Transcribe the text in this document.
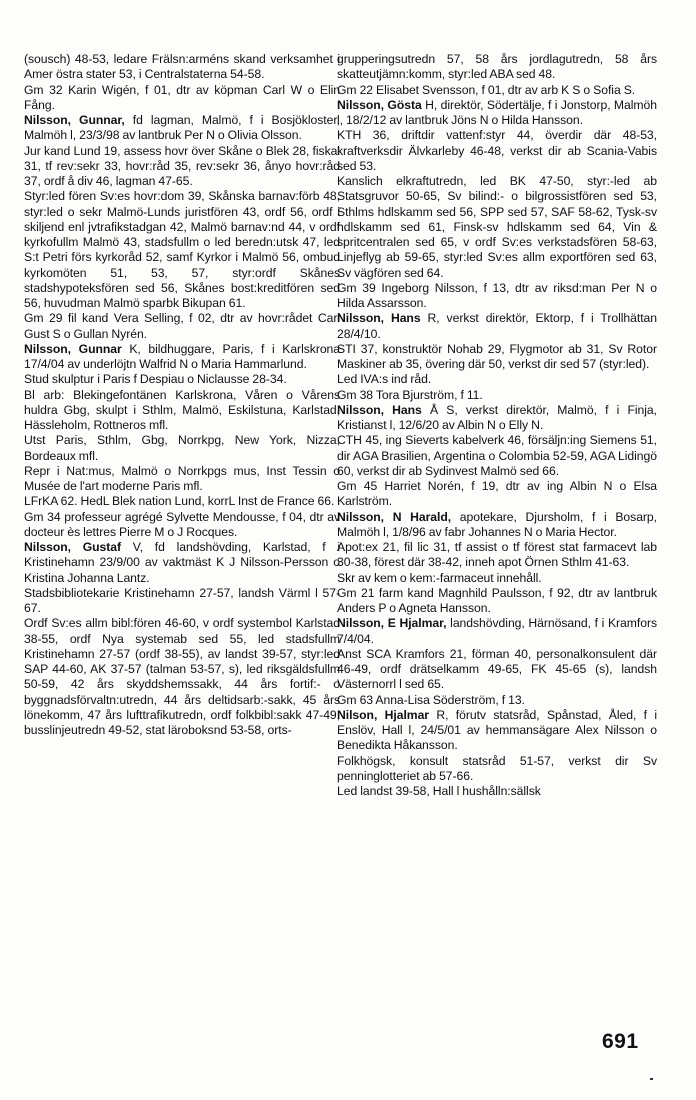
(sousch) 48-53, ledare Frälsn:arméns skand verksamhet i Amer östra stater 53, i Centralstaterna 54-58.

Gm 32 Karin Wigén, f 01, dtr av köpman Carl W o Elin Fång.

Nilsson, Gunnar, fd lagman, Malmö, f i Bosjökloster, Malmöh l, 23/3/98 av lantbruk Per N o Olivia Olsson.

Jur kand Lund 19, assess hovr över Skåne o Blek 28, fiskal 31, tf rev:sekr 33, hovr:råd 35, rev:sekr 36, ånyo hovr:råd 37, ordf å div 46, lagman 47-65.

Styr:led fören Sv:es hovr:dom 39, Skånska barnav:förb 48, styr:led o sekr Malmö-Lunds juristfören 43, ordf 56, ordf i skiljend enl jvtrafikstadgan 42, Malmö barnav:nd 44, v ordf kyrkofullm Malmö 43, stadsfullm o led beredn:utsk 47, led S:t Petri förs kyrkoråd 52, samf Kyrkor i Malmö 56, ombud kyrkomöten 51, 53, 57, styr:ordf Skånes stadshypoteksfören sed 56, Skånes bost:kreditfören sed 56, huvudman Malmö sparbk Bikupan 61.

Gm 29 fil kand Vera Selling, f 02, dtr av hovr:rådet Carl Gust S o Gullan Nyrén.

Nilsson, Gunnar K, bildhuggare, Paris, f i Karlskrona 17/4/04 av underlöjtn Walfrid N o Maria Hammarlund.

Stud skulptur i Paris f Despiau o Niclausse 28-34.

Bl arb: Blekingefontänen Karlskrona, Våren o Vårens huldra Gbg, skulpt i Sthlm, Malmö, Eskilstuna, Karlstad, Hässleholm, Rottneros mfl.

Utst Paris, Sthlm, Gbg, Norrkpg, New York, Nizza, Bordeaux mfl.

Repr i Nat:mus, Malmö o Norrkpgs mus, Inst Tessin o Musée de l'art moderne Paris mfl.

LFrKA 62. HedL Blek nation Lund, korrL Inst de France 66.

Gm 34 professeur agrégé Sylvette Mendousse, f 04, dtr av docteur ès lettres Pierre M o J Rocques.

Nilsson, Gustaf V, fd landshövding, Karlstad, f i Kristinehamn 23/9/00 av vaktmäst K J Nilsson-Persson o Kristina Johanna Lantz.

Stadsbibliotekarie Kristinehamn 27-57, landsh Värml l 57-67.

Ordf Sv:es allm bibl:fören 46-60, v ordf systembol Karlstad 38-55, ordf Nya systemab sed 55, led stadsfullm Kristinehamn 27-57 (ordf 38-55), av landst 39-57, styr:led SAP 44-60, AK 37-57 (talman 53-57, s), led riksgäldsfullm 50-59, 42 års skyddshemssakk, 44 års fortif:- o byggnadsförvaltn:utredn, 44 års deltidsarb:-sakk, 45 års lönekomm, 47 års lufttrafikutredn, ordf folkbibl:sakk 47-49, busslinjeutredn 49-52, stat läroboksnd 53-58, orts-

grupperingsutredn 57, 58 års jordlagutredn, 58 års skatteutjämn:komm, styr:led ABA sed 48.

Gm 22 Elisabet Svensson, f 01, dtr av arb K S o Sofia S.

Nilsson, Gösta H, direktör, Södertälje, f i Jonstorp, Malmöh l, 18/2/12 av lantbruk Jöns N o Hilda Hansson.

KTH 36, driftdir vattenf:styr 44, överdir där 48-53, kraftverksdir Älvkarleby 46-48, verkst dir ab Scania-Vabis sed 53.

Kanslich elkraftutredn, led BK 47-50, styr:-led ab Statsgruvor 50-65, Sv bilind:- o bilgrossistfören sed 53, Sthlms hdlskamm sed 56, SPP sed 57, SAF 58-62, Tysk-sv hdlskamm sed 61, Finsk-sv hdlskamm sed 64, Vin & spritcentralen sed 65, v ordf Sv:es verkstadsfören 58-63, Linjeflyg ab 59-65, styr:led Sv:es allm exportfören sed 63, Sv vägfören sed 64.

Gm 39 Ingeborg Nilsson, f 13, dtr av riksd:man Per N o Hilda Assarsson.

Nilsson, Hans R, verkst direktör, Ektorp, f i Trollhättan 28/4/10.

STI 37, konstruktör Nohab 29, Flygmotor ab 31, Sv Rotor Maskiner ab 35, övering där 50, verkst dir sed 57 (styr:led).

Led IVA:s ind råd.

Gm 38 Tora Bjurström, f 11.

Nilsson, Hans Å S, verkst direktör, Malmö, f i Finja, Kristianst l, 12/6/20 av Albin N o Elly N.

CTH 45, ing Sieverts kabelverk 46, försäljn:ing Siemens 51, dir AGA Brasilien, Argentina o Colombia 52-59, AGA Lidingö 60, verkst dir ab Sydinvest Malmö sed 66.

Gm 45 Harriet Norén, f 19, dtr av ing Albin N o Elsa Karlström.

Nilsson, N Harald, apotekare, Djursholm, f i Bosarp, Malmöh l, 1/8/96 av fabr Johannes N o Maria Hector.

Apot:ex 21, fil lic 31, tf assist o tf förest stat farmacevt lab 30-38, förest där 38-42, inneh apot Örnen Sthlm 41-63.

Skr av kem o kem:-farmaceut innehåll.

Gm 21 farm kand Magnhild Paulsson, f 92, dtr av lantbruk Anders P o Agneta Hansson.

Nilsson, E Hjalmar, landshövding, Härnösand, f i Kramfors 7/4/04.

Anst SCA Kramfors 21, förman 40, personalkonsulent där 46-49, ordf drätselkamm 49-65, FK 45-65 (s), landsh Västernorrl l sed 65.

Gm 63 Anna-Lisa Söderström, f 13.

Nilson, Hjalmar R, förutv statsråd, Spånstad, Åled, f i Enslöv, Hall l, 24/5/01 av hemmansägare Alex Nilsson o Benedikta Håkansson.

Folkhögsk, konsult statsråd 51-57, verkst dir Sv penninglotteriet ab 57-66.

Led landst 39-58, Hall l hushålln:sällsk

691
